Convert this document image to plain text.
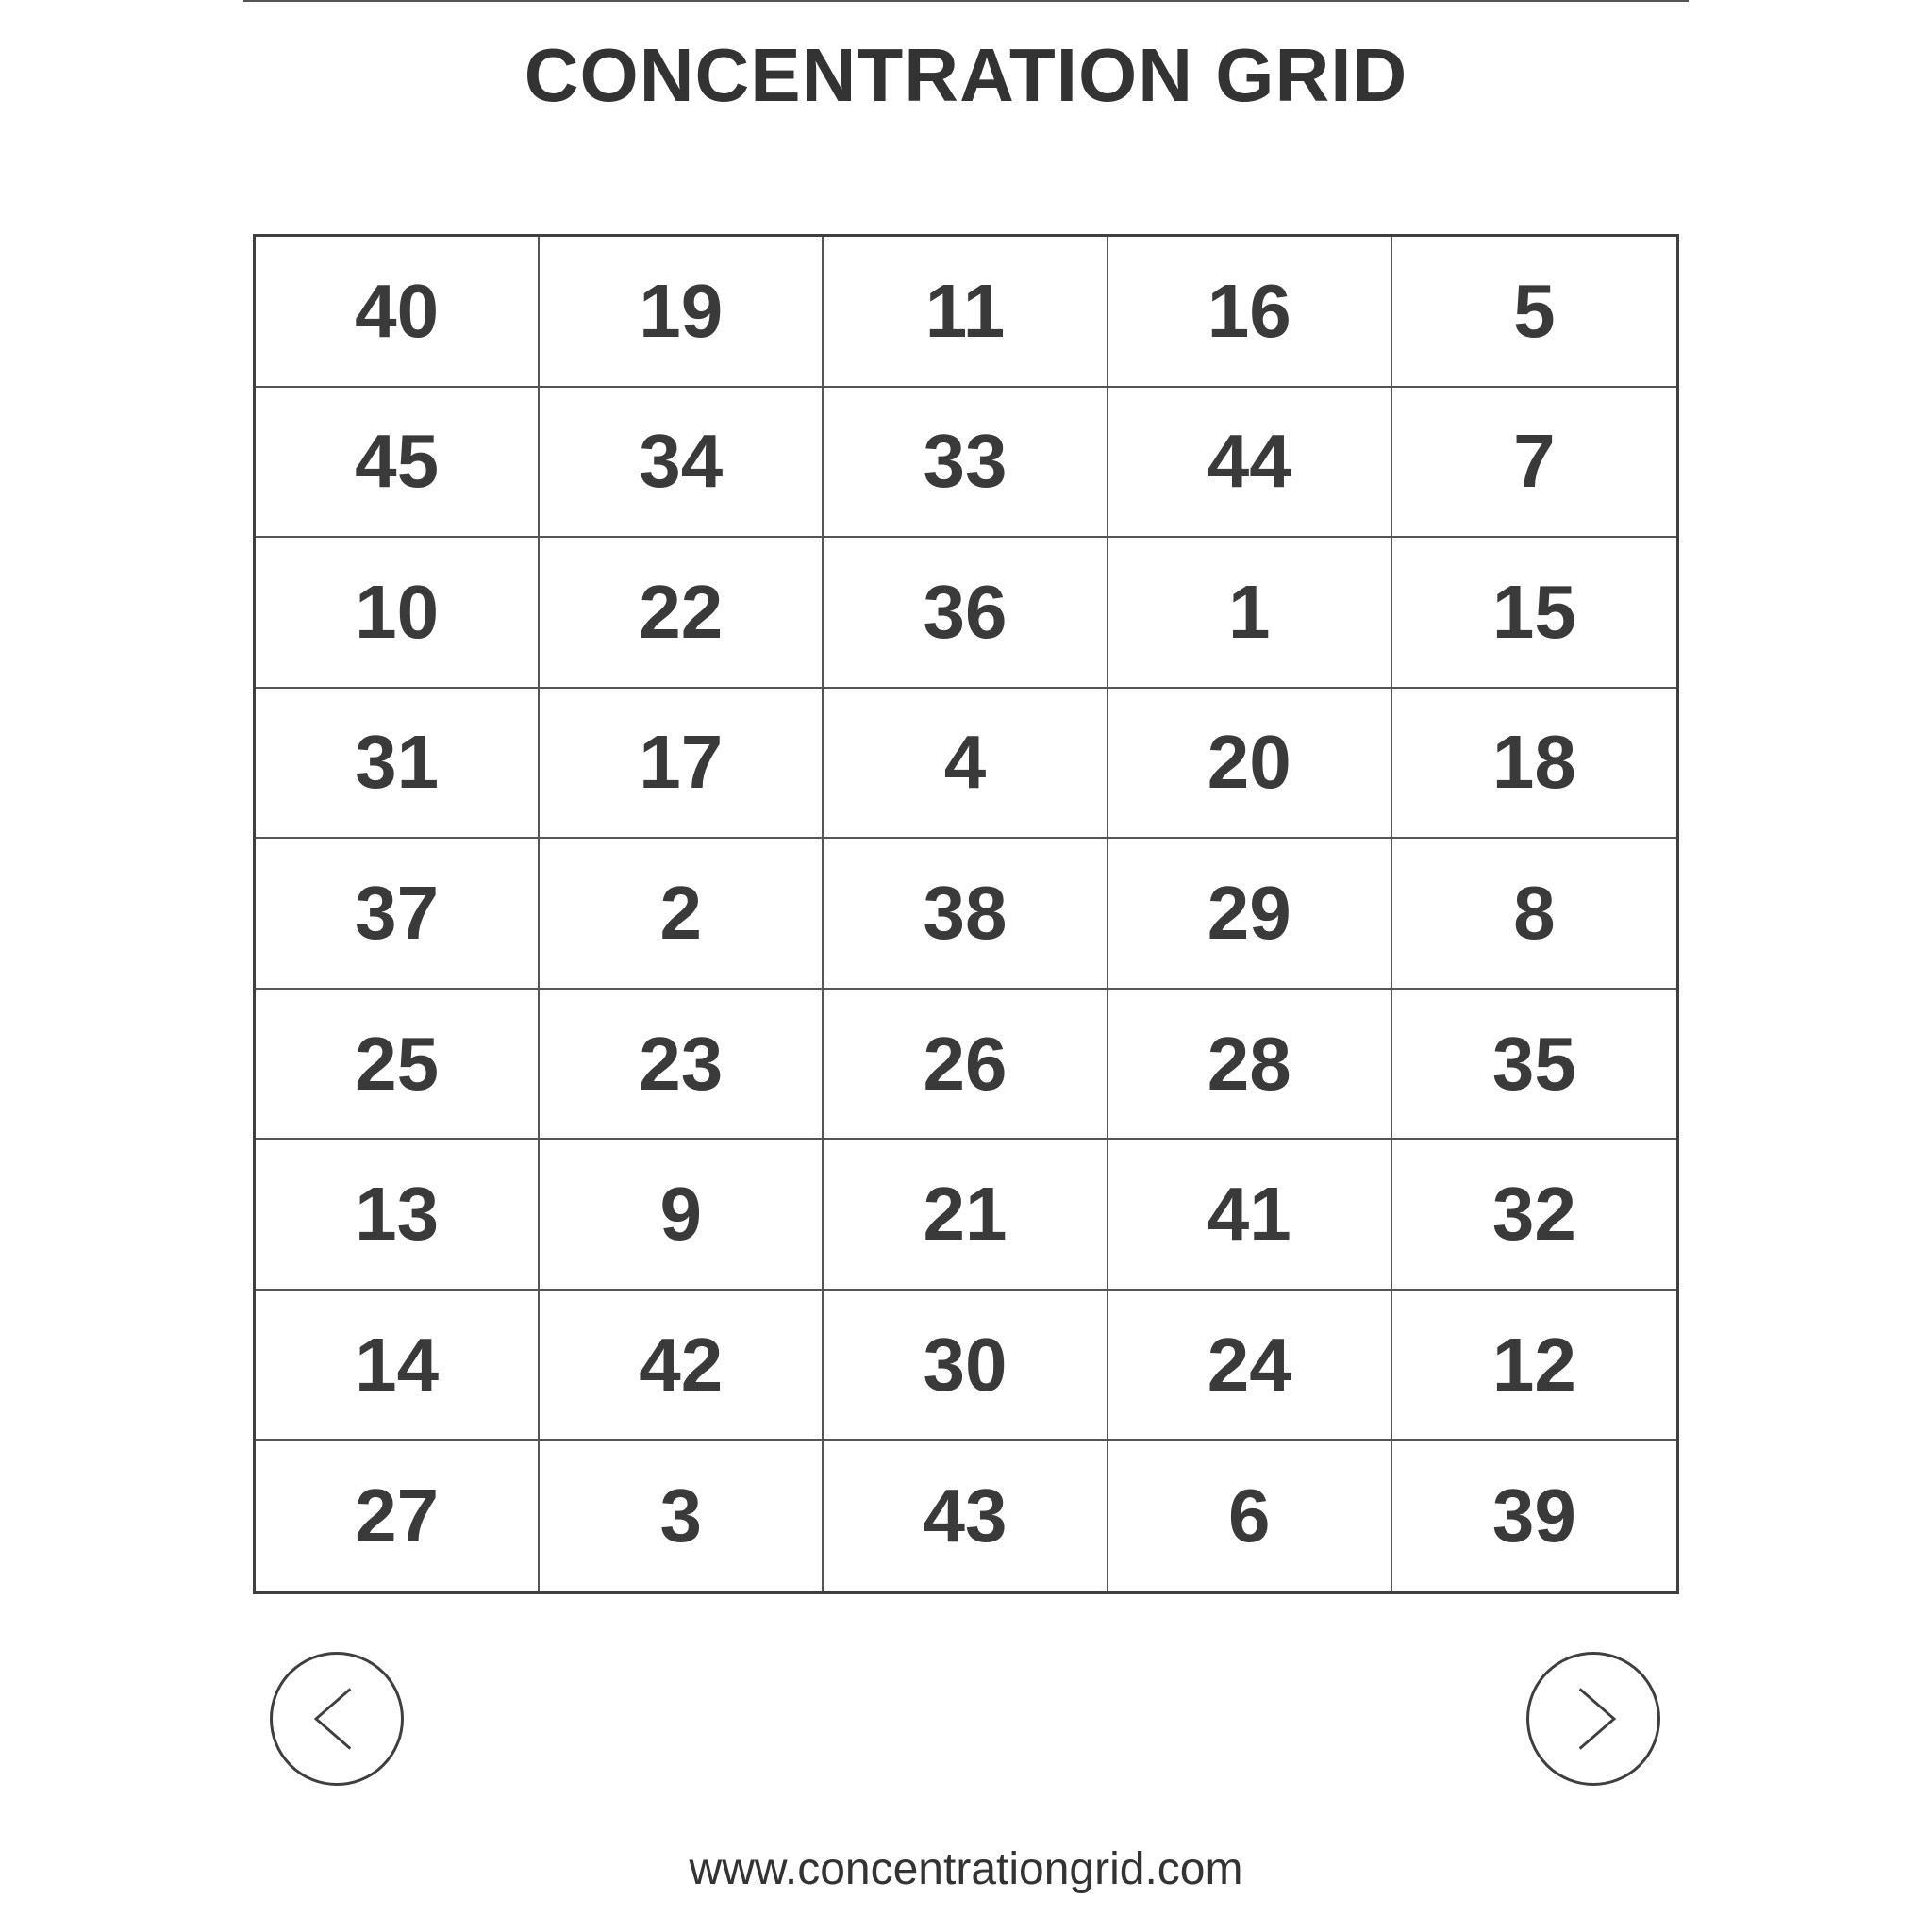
CONCENTRATION GRID
40	19	11	16	5
45	34	33	44	7
10	22	36	1	15
31	17	4	20	18
37	2	38	29	8
25	23	26	28	35
13	9	21	41	32
14	42	30	24	12
27	3	43	6	39
www.concentrationgrid.com
